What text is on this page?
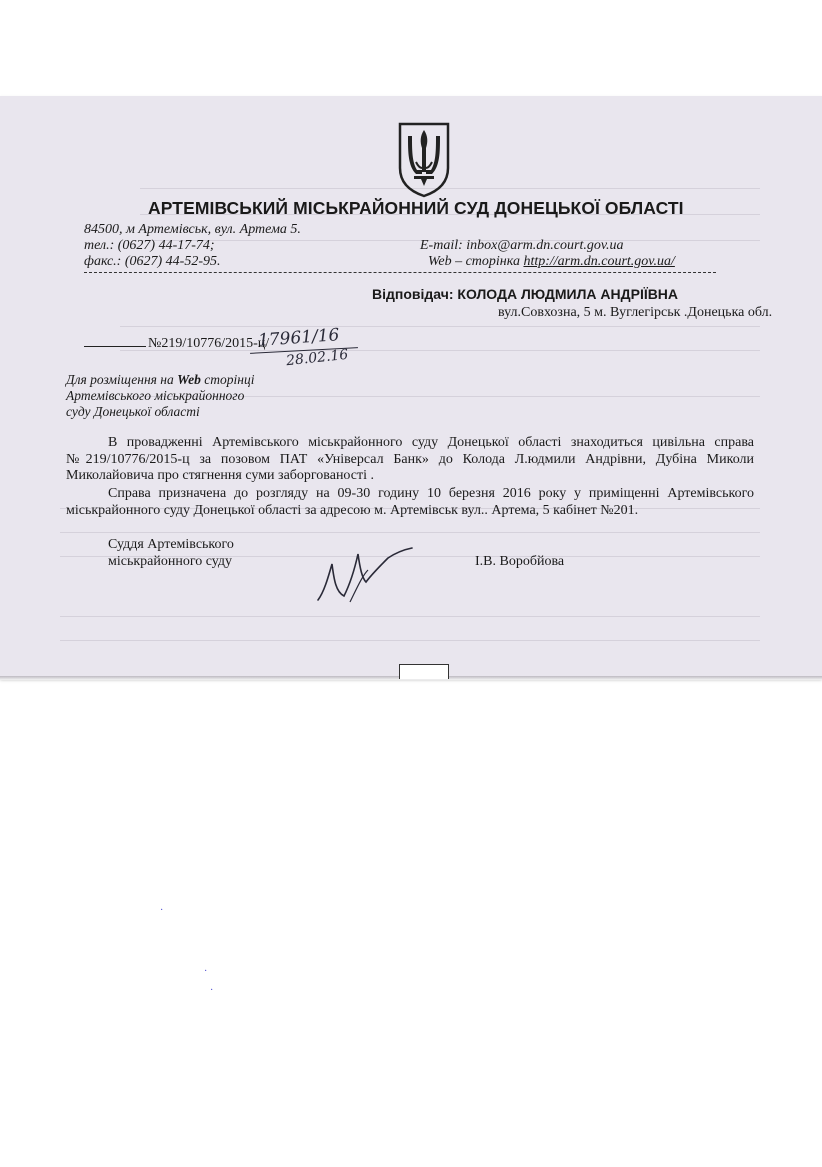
АРТЕМІВСЬКИЙ МІСЬКРАЙОННИЙ СУД ДОНЕЦЬКОЇ ОБЛАСТІ
84500, м Артемівськ, вул. Артема 5.
тел.: (0627) 44-17-74;
факс.: (0627) 44-52-95.
E-mail: inbox@arm.dn.court.gov.ua
Web – сторінка http://arm.dn.court.gov.ua/
Відповідач: КОЛОДА ЛЮДМИЛА АНДРІЇВНА
вул.Совхозна, 5 м. Вуглегірськ .Донецька обл.
№219/10776/2015-ц/
17961/16
28.02.16
Для розміщення на Web сторінці
Артемівського міськрайонного
суду Донецької області
В провадженні Артемівського міськрайонного суду Донецької області знаходиться цивільна справа №219/10776/2015-ц за позовом ПАТ «Універсал Банк» до Колода Л.юдмили Андрівни, Дубіна Миколи Миколайовича про стягнення суми заборгованості .
Справа призначена до розгляду на 09-30 годину 10 березня 2016 року у приміщенні Артемівського міськрайонного суду Донецької області за адресою м. Артемівськ вул.. Артема, 5 кабінет №201.
Суддя Артемівського
міськрайонного суду	І.В. Воробйова
·
·
·
